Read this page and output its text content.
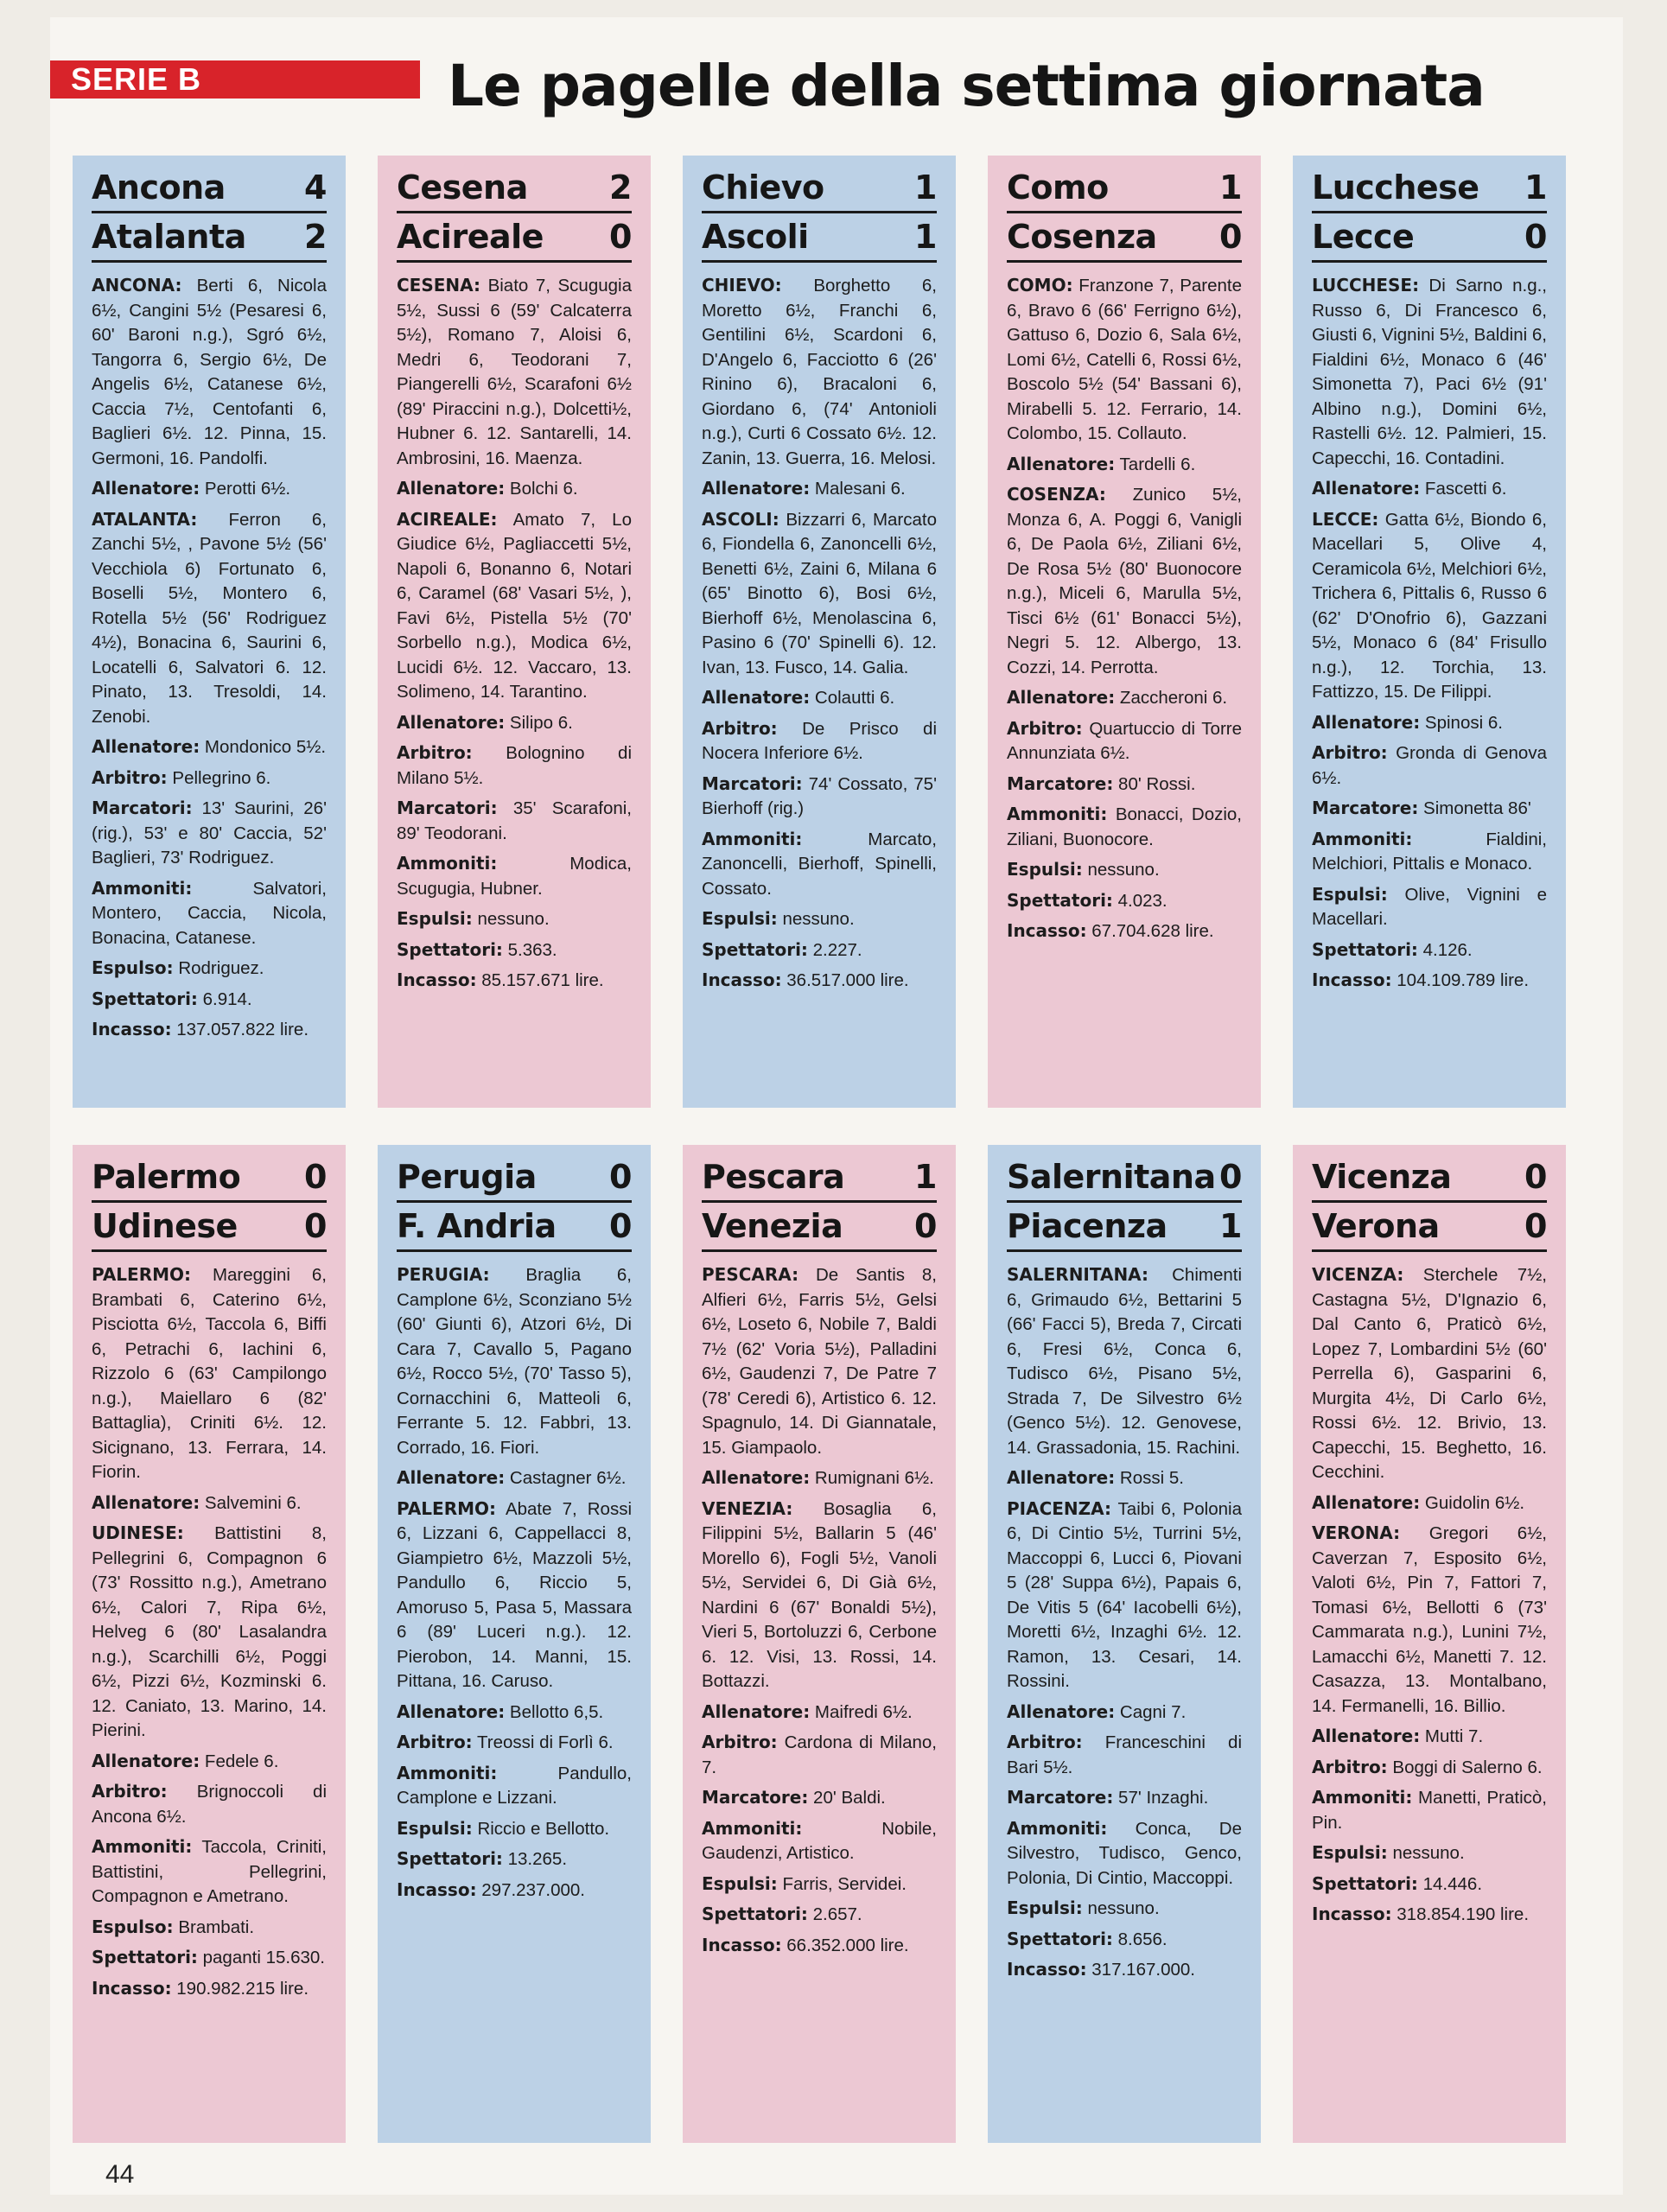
SERIE B	Le pagelle della settima giornata
Ancona 4
Atalanta 2
ANCONA: Berti 6, Nicola 6½, Cangini 5½ (Pesaresi 6, 60' Baroni n.g.), Sgró 6½, Tangorra 6, Sergio 6½, De Angelis 6½, Catanese 6½, Caccia 7½, Centofanti 6, Baglieri 6½. 12. Pinna, 15. Germoni, 16. Pandolfi.
Allenatore: Perotti 6½.
ATALANTA: Ferron 6, Zanchi 5½, , Pavone 5½ (56' Vecchiola 6) Fortunato 6, Boselli 5½, Montero 6, Rotella 5½ (56' Rodriguez 4½), Bonacina 6, Saurini 6, Locatelli 6, Salvatori 6. 12. Pinato, 13. Tresoldi, 14. Zenobi.
Allenatore: Mondonico 5½.
Arbitro: Pellegrino 6.
Marcatori: 13' Saurini, 26' (rig.), 53' e 80' Caccia, 52' Baglieri, 73' Rodriguez.
Ammoniti:	Salvatori, Montero, Caccia, Nicola, Bonacina, Catanese.
Espulso: Rodriguez.
Spettatori: 6.914.
Incasso: 137.057.822 lire.
Cesena 2
Acireale 0
CESENA: Biato 7, Scugugia 5½, Sussi 6 (59' Calcaterra 5½), Romano 7, Aloisi 6, Medri 6, Teodorani 7, Piangerelli 6½, Scarafoni 6½ (89' Piraccini n.g.), Dolcetti½, Hubner 6. 12. Santarelli, 14. Ambrosini, 16. Maenza.
Allenatore: Bolchi 6.
ACIREALE: Amato 7, Lo Giudice 6½, Pagliaccetti 5½, Napoli 6, Bonanno 6, Notari 6, Caramel (68' Vasari 5½, ), Favi 6½, Pistella 5½ (70' Sorbello n.g.), Modica 6½, Lucidi 6½. 12. Vaccaro, 13. Solimeno, 14. Tarantino.
Allenatore: Silipo 6.
Arbitro: Bolognino di Milano 5½.
Marcatori: 35' Scarafoni, 89' Teodorani.
Ammoniti:	Modica, Scugugia, Hubner.
Espulsi: nessuno.
Spettatori: 5.363.
Incasso: 85.157.671 lire.
Chievo	1
Ascoli	1
CHIEVO: Borghetto 6, Moretto 6½, Franchi 6, Gentilini 6½, Scardoni 6, D'Angelo 6, Facciotto 6 (26' Rinino 6), Bracaloni 6, Giordano 6, (74' Antonioli n.g.), Curti 6 Cossato 6½. 12. Zanin, 13. Guerra, 16. Melosi.
Allenatore: Malesani 6.
ASCOLI: Bizzarri 6, Marcato 6, Fiondella 6, Zanoncelli 6½, Benetti 6½, Zaini 6, Milana 6 (65' Binotto 6), Bosi 6½, Bierhoff 6½, Menolascina 6, Pasino 6 (70' Spinelli 6). 12. Ivan, 13. Fusco, 14. Galia.
Allenatore: Colautti 6.
Arbitro: De Prisco di Nocera Inferiore 6½.
Marcatori: 74' Cossato, 75' Bierhoff (rig.)
Ammoniti:	Marcato, Zanoncelli, Bierhoff, Spinelli, Cossato.
Espulsi: nessuno.
Spettatori: 2.227.
Incasso: 36.517.000 lire.
Como	1
Cosenza 0
COMO: Franzone 7, Parente 6, Bravo 6 (66' Ferrigno 6½), Gattuso 6, Dozio 6, Sala 6½, Lomi 6½, Catelli 6, Rossi 6½, Boscolo 5½ (54' Bassani 6), Mirabelli 5. 12. Ferrario, 14. Colombo, 15. Collauto.
Allenatore: Tardelli 6.
COSENZA: Zunico 5½, Monza 6, A. Poggi 6, Vanigli 6, De Paola 6½, Ziliani 6½, De Rosa 5½ (80' Buonocore n.g.), Miceli 6, Marulla 5½, Tisci 6½ (61' Bonacci 5½), Negri 5. 12. Albergo, 13. Cozzi, 14. Perrotta.
Allenatore: Zaccheroni 6.
Arbitro: Quartuccio di Torre Annunziata 6½.
Marcatore: 80' Rossi.
Ammoniti: Bonacci, Dozio, Ziliani, Buonocore.
Espulsi: nessuno.
Spettatori: 4.023.
Incasso: 67.704.628 lire.
Lucchese 1
Lecce	0
LUCCHESE: Di Sarno n.g., Russo 6, Di Francesco 6, Giusti 6, Vignini 5½, Baldini 6, Fialdini 6½, Monaco 6 (46' Simonetta 7), Paci 6½ (91' Albino n.g.), Domini 6½, Rastelli 6½. 12. Palmieri, 15. Capecchi, 16. Contadini.
Allenatore: Fascetti 6.
LECCE: Gatta 6½, Biondo 6, Macellari 5, Olive 4, Ceramicola 6½, Melchiori 6½, Trichera 6, Pittalis 6, Russo 6 (62' D'Onofrio 6), Gazzani 5½, Monaco 6 (84' Frisullo n.g.), 12. Torchia, 13. Fattizzo, 15. De Filippi.
Allenatore: Spinosi 6.
Arbitro: Gronda di Genova 6½.
Marcatore: Simonetta 86'
Ammoniti:	Fialdini, Melchiori, Pittalis e Monaco.
Espulsi: Olive, Vignini e Macellari.
Spettatori: 4.126.
Incasso: 104.109.789 lire.
Palermo 0
Udinese 0
PALERMO: Mareggini 6, Brambati 6, Caterino 6½, Pisciotta 6½, Taccola 6, Biffi 6, Petrachi 6, Iachini 6, Rizzolo 6 (63' Campilongo n.g.), Maiellaro 6 (82' Battaglia), Criniti 6½. 12. Sicignano, 13. Ferrara, 14. Fiorin.
Allenatore: Salvemini 6.
UDINESE: Battistini 8, Pellegrini 6, Compagnon 6 (73' Rossitto n.g.), Ametrano 6½, Calori 7, Ripa 6½, Helveg 6 (80' Lasalandra n.g.), Scarchilli 6½, Poggi 6½, Pizzi 6½, Kozminski 6. 12. Caniato, 13. Marino, 14. Pierini.
Allenatore: Fedele 6.
Arbitro: Brignoccoli di Ancona 6½.
Ammoniti: Taccola, Criniti, Battistini, Pellegrini, Compagnon e Ametrano.
Espulso: Brambati.
Spettatori: paganti 15.630.
Incasso: 190.982.215 lire.
Perugia 0
F. Andria 0
PERUGIA: Braglia 6, Camplone 6½, Sconziano 5½ (60' Giunti 6), Atzori 6½, Di Cara 7, Cavallo 5, Pagano 6½, Rocco 5½, (70' Tasso 5), Cornacchini 6, Matteoli 6, Ferrante 5. 12. Fabbri, 13. Corrado, 16. Fiori.
Allenatore: Castagner 6½.
PALERMO: Abate 7, Rossi 6, Lizzani 6, Cappellacci 8, Giampietro 6½, Mazzoli 5½, Pandullo 6, Riccio 5, Amoruso 5, Pasa 5, Massara 6 (89' Luceri n.g.). 12. Pierobon, 14. Manni, 15. Pittana, 16. Caruso.
Allenatore: Bellotto 6,5.
Arbitro: Treossi di Forlì 6.
Ammoniti:	Pandullo, Camplone e Lizzani.
Espulsi: Riccio e Bellotto.
Spettatori: 13.265.
Incasso: 297.237.000.
Pescara 1
Venezia 0
PESCARA: De Santis 8, Alfieri 6½, Farris 5½, Gelsi 6½, Loseto 6, Nobile 7, Baldi 7½ (62' Voria 5½), Palladini 6½, Gaudenzi 7, De Patre 7 (78' Ceredi 6), Artistico 6. 12. Spagnulo, 14. Di Giannatale, 15. Giampaolo.
Allenatore: Rumignani 6½.
VENEZIA: Bosaglia 6, Filippini 5½, Ballarin 5 (46' Morello 6), Fogli 5½, Vanoli 5½, Servidei 6, Di Già 6½, Nardini 6 (67' Bonaldi 5½), Vieri 5, Bortoluzzi 6, Cerbone 6. 12. Visi, 13. Rossi, 14. Bottazzi.
Allenatore: Maifredi 6½.
Arbitro: Cardona di Milano, 7.
Marcatore: 20' Baldi.
Ammoniti:	Nobile, Gaudenzi, Artistico.
Espulsi: Farris, Servidei.
Spettatori: 2.657.
Incasso: 66.352.000 lire.
Salernitana 0
Piacenza 1
SALERNITANA: Chimenti 6, Grimaudo 6½, Bettarini 5 (66' Facci 5), Breda 7, Circati 6, Fresi 6½, Conca 6, Tudisco 6½, Pisano 5½, Strada 7, De Silvestro 6½ (Genco 5½). 12. Genovese, 14. Grassadonia, 15. Rachini.
Allenatore: Rossi 5.
PIACENZA: Taibi 6, Polonia 6, Di Cintio 5½, Turrini 5½, Maccoppi 6, Lucci 6, Piovani 5 (28' Suppa 6½), Papais 6, De Vitis 5 (64' Iacobelli 6½), Moretti 6½, Inzaghi 6½. 12. Ramon, 13. Cesari, 14. Rossini.
Allenatore: Cagni 7.
Arbitro: Franceschini di Bari 5½.
Marcatore: 57' Inzaghi.
Ammoniti: Conca, De Silvestro, Tudisco, Genco, Polonia, Di Cintio, Maccoppi.
Espulsi: nessuno.
Spettatori: 8.656.
Incasso: 317.167.000.
Vicenza 0
Verona	0
VICENZA: Sterchele 7½, Castagna 5½, D'Ignazio 6, Dal Canto 6, Praticò 6½, Lopez 7, Lombardini 5½ (60' Perrella 6), Gasparini 6, Murgita 4½, Di Carlo 6½, Rossi 6½. 12. Brivio, 13. Capecchi, 15. Beghetto, 16. Cecchini.
Allenatore: Guidolin 6½.
VERONA: Gregori 6½, Caverzan 7, Esposito 6½, Valoti 6½, Pin 7, Fattori 7, Tomasi 6½, Bellotti 6 (73' Cammarata n.g.), Lunini 7½, Lamacchi 6½, Manetti 7. 12. Casazza, 13. Montalbano, 14. Fermanelli, 16. Billio.
Allenatore: Mutti 7.
Arbitro: Boggi di Salerno 6.
Ammoniti: Manetti, Praticò, Pin.
Espulsi: nessuno.
Spettatori: 14.446.
Incasso: 318.854.190 lire.
44
